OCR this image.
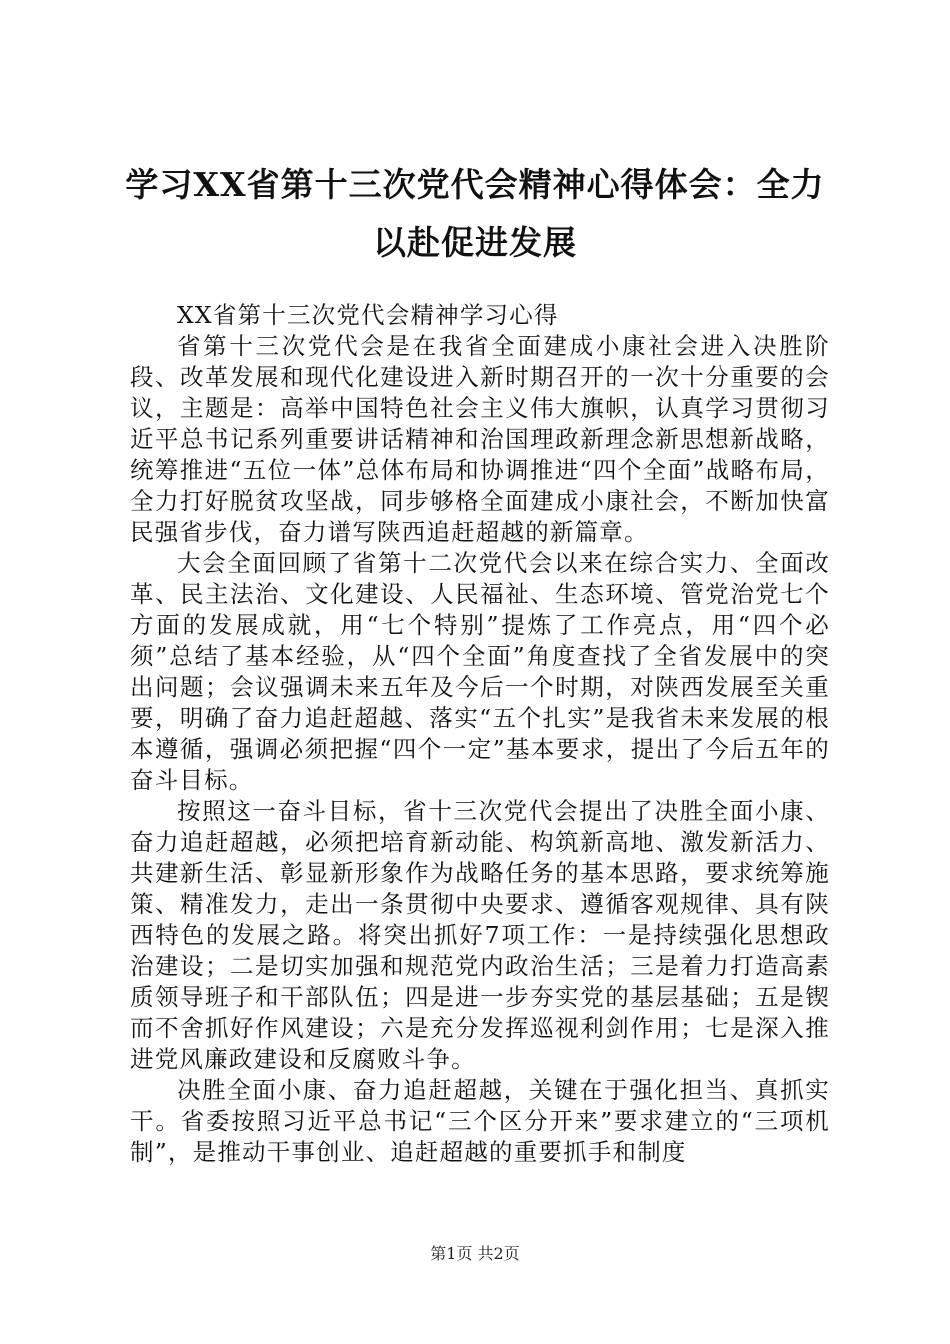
学习XX省第十三次党代会精神心得体会：全力以赴促进发展

XX省第十三次党代会精神学习心得

省第十三次党代会是在我省全面建成小康社会进入决胜阶段、改革发展和现代化建设进入新时期召开的一次十分重要的会议，主题是：高举中国特色社会主义伟大旗帜，认真学习贯彻习近平总书记系列重要讲话精神和治国理政新理念新思想新战略，统筹推进“五位一体”总体布局和协调推进“四个全面”战略布局，全力打好脱贫攻坚战，同步够格全面建成小康社会，不断加快富民强省步伐，奋力谱写陕西追赶超越的新篇章。

大会全面回顾了省第十二次党代会以来在综合实力、全面改革、民主法治、文化建设、人民福祉、生态环境、管党治党七个方面的发展成就，用“七个特别”提炼了工作亮点，用“四个必须”总结了基本经验，从“四个全面”角度查找了全省发展中的突出问题；会议强调未来五年及今后一个时期，对陕西发展至关重要，明确了奋力追赶超越、落实“五个扎实”是我省未来发展的根本遵循，强调必须把握“四个一定”基本要求，提出了今后五年的奋斗目标。

按照这一奋斗目标，省十三次党代会提出了决胜全面小康、奋力追赶超越，必须把培育新动能、构筑新高地、激发新活力、共建新生活、彰显新形象作为战略任务的基本思路，要求统筹施策、精准发力，走出一条贯彻中央要求、遵循客观规律、具有陕西特色的发展之路。将突出抓好7项工作：一是持续强化思想政治建设；二是切实加强和规范党内政治生活；三是着力打造高素质领导班子和干部队伍；四是进一步夯实党的基层基础；五是锲而不舍抓好作风建设；六是充分发挥巡视利剑作用；七是深入推进党风廉政建设和反腐败斗争。

决胜全面小康、奋力追赶超越，关键在于强化担当、真抓实干。省委按照习近平总书记“三个区分开来”要求建立的“三项机制”，是推动干事创业、追赶超越的重要抓手和制度

第1页 共2页
